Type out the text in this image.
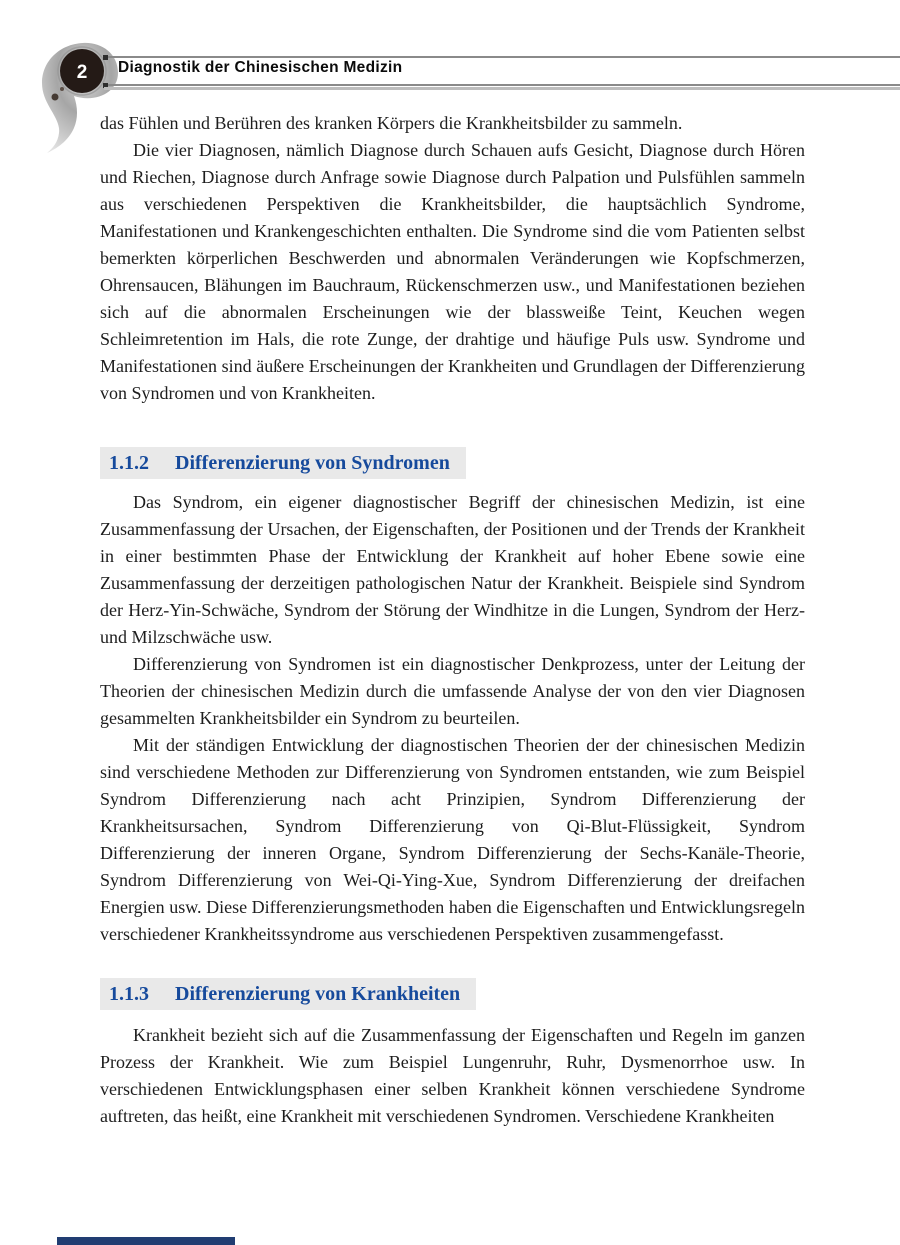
2 Diagnostik der Chinesischen Medizin

das Fühlen und Berühren des kranken Körpers die Krankheitsbilder zu sammeln.

Die vier Diagnosen, nämlich Diagnose durch Schauen aufs Gesicht, Diagnose durch Hören und Riechen, Diagnose durch Anfrage sowie Diagnose durch Palpation und Pulsfühlen sammeln aus verschiedenen Perspektiven die Krankheitsbilder, die hauptsächlich Syndrome, Manifestationen und Krankengeschichten enthalten. Die Syndrome sind die vom Patienten selbst bemerkten körperlichen Beschwerden und abnormalen Veränderungen wie Kopfschmerzen, Ohrensaucen, Blähungen im Bauchraum, Rückenschmerzen usw., und Manifestationen beziehen sich auf die abnormalen Erscheinungen wie der blassweiße Teint, Keuchen wegen Schleimretention im Hals, die rote Zunge, der drahtige und häufige Puls usw. Syndrome und Manifestationen sind äußere Erscheinungen der Krankheiten und Grundlagen der Differenzierung von Syndromen und von Krankheiten.

1.1.2 Differenzierung von Syndromen

Das Syndrom, ein eigener diagnostischer Begriff der chinesischen Medizin, ist eine Zusammenfassung der Ursachen, der Eigenschaften, der Positionen und der Trends der Krankheit in einer bestimmten Phase der Entwicklung der Krankheit auf hoher Ebene sowie eine Zusammenfassung der derzeitigen pathologischen Natur der Krankheit. Beispiele sind Syndrom der Herz-Yin-Schwäche, Syndrom der Störung der Windhitze in die Lungen, Syndrom der Herz- und Milzschwäche usw.

Differenzierung von Syndromen ist ein diagnostischer Denkprozess, unter der Leitung der Theorien der chinesischen Medizin durch die umfassende Analyse der von den vier Diagnosen gesammelten Krankheitsbilder ein Syndrom zu beurteilen.

Mit der ständigen Entwicklung der diagnostischen Theorien der der chinesischen Medizin sind verschiedene Methoden zur Differenzierung von Syndromen entstanden, wie zum Beispiel Syndrom Differenzierung nach acht Prinzipien, Syndrom Differenzierung der Krankheitsursachen, Syndrom Differenzierung von Qi-Blut-Flüssigkeit, Syndrom Differenzierung der inneren Organe, Syndrom Differenzierung der Sechs-Kanäle-Theorie, Syndrom Differenzierung von Wei-Qi-Ying-Xue, Syndrom Differenzierung der dreifachen Energien usw. Diese Differenzierungsmethoden haben die Eigenschaften und Entwicklungsregeln verschiedener Krankheitssyndrome aus verschiedenen Perspektiven zusammengefasst.

1.1.3 Differenzierung von Krankheiten

Krankheit bezieht sich auf die Zusammenfassung der Eigenschaften und Regeln im ganzen Prozess der Krankheit. Wie zum Beispiel Lungenruhr, Ruhr, Dysmenorrhoe usw. In verschiedenen Entwicklungsphasen einer selben Krankheit können verschiedene Syndrome auftreten, das heißt, eine Krankheit mit verschiedenen Syndromen. Verschiedene Krankheiten
